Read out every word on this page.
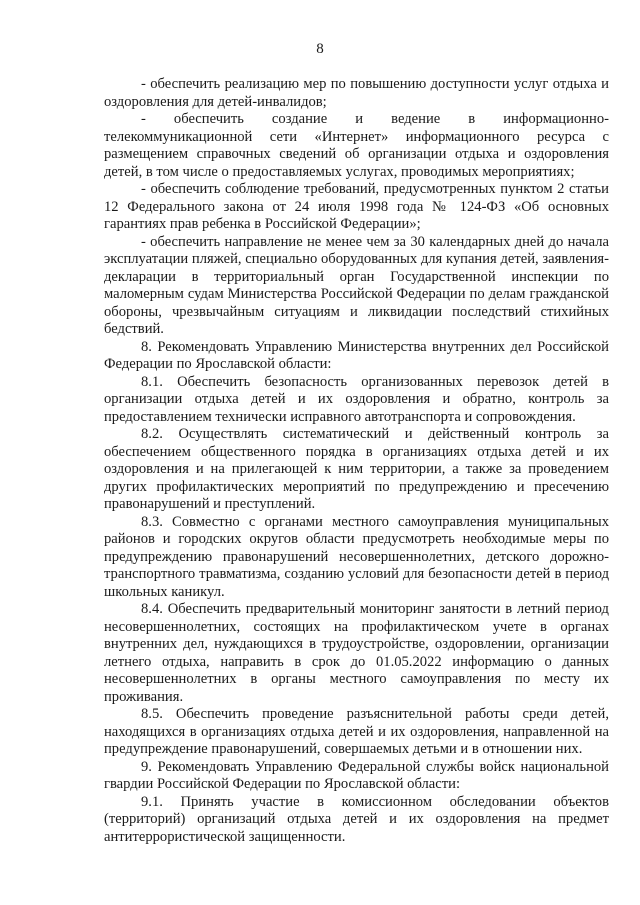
8

- обеспечить реализацию мер по повышению доступности услуг отдыха и оздоровления для детей-инвалидов;

- обеспечить создание и ведение в информационно-телекоммуникационной сети «Интернет» информационного ресурса с размещением справочных сведений об организации отдыха и оздоровления детей, в том числе о предоставляемых услугах, проводимых мероприятиях;

- обеспечить соблюдение требований, предусмотренных пунктом 2 статьи 12 Федерального закона от 24 июля 1998 года № 124-ФЗ «Об основных гарантиях прав ребенка в Российской Федерации»;

- обеспечить направление не менее чем за 30 календарных дней до начала эксплуатации пляжей, специально оборудованных для купания детей, заявления-декларации в территориальный орган Государственной инспекции по маломерным судам Министерства Российской Федерации по делам гражданской обороны, чрезвычайным ситуациям и ликвидации последствий стихийных бедствий.

8. Рекомендовать Управлению Министерства внутренних дел Российской Федерации по Ярославской области:

8.1. Обеспечить безопасность организованных перевозок детей в организации отдыха детей и их оздоровления и обратно, контроль за предоставлением технически исправного автотранспорта и сопровождения.

8.2. Осуществлять систематический и действенный контроль за обеспечением общественного порядка в организациях отдыха детей и их оздоровления и на прилегающей к ним территории, а также за проведением других профилактических мероприятий по предупреждению и пресечению правонарушений и преступлений.

8.3. Совместно с органами местного самоуправления муниципальных районов и городских округов области предусмотреть необходимые меры по предупреждению правонарушений несовершеннолетних, детского дорожно-транспортного травматизма, созданию условий для безопасности детей в период школьных каникул.

8.4. Обеспечить предварительный мониторинг занятости в летний период несовершеннолетних, состоящих на профилактическом учете в органах внутренних дел, нуждающихся в трудоустройстве, оздоровлении, организации летнего отдыха, направить в срок до 01.05.2022 информацию о данных несовершеннолетних в органы местного самоуправления по месту их проживания.

8.5. Обеспечить проведение разъяснительной работы среди детей, находящихся в организациях отдыха детей и их оздоровления, направленной на предупреждение правонарушений, совершаемых детьми и в отношении них.

9. Рекомендовать Управлению Федеральной службы войск национальной гвардии Российской Федерации по Ярославской области:

9.1. Принять участие в комиссионном обследовании объектов (территорий) организаций отдыха детей и их оздоровления на предмет антитеррористической защищенности.
